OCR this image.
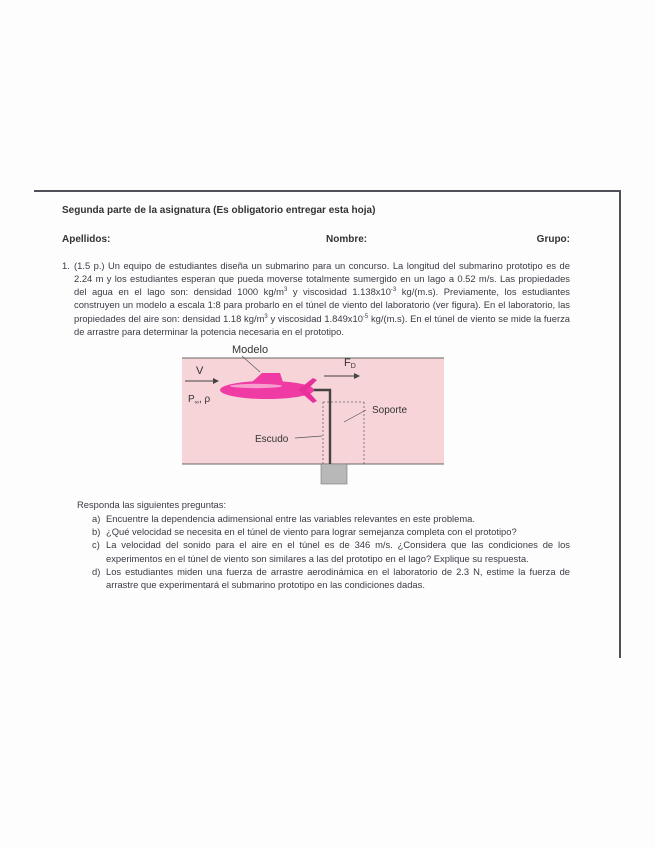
Segunda parte de la asignatura (Es obligatorio entregar esta hoja)
Apellidos:	Nombre:	Grupo:
1. (1.5 p.) Un equipo de estudiantes diseña un submarino para un concurso. La longitud del submarino prototipo es de 2.24 m y los estudiantes esperan que pueda moverse totalmente sumergido en un lago a 0.52 m/s. Las propiedades del agua en el lago son: densidad 1000 $kg/m^3$ y viscosidad $1.138x10^{-3}$ kg/(m.s). Previamente, los estudiantes construyen un modelo a escala 1:8 para probarlo en el túnel de viento del laboratorio (ver figura). En el laboratorio, las propiedades del aire son: densidad 1.18 $kg/m^3$ y viscosidad $1.849x10^{-5}$ kg/(m.s). En el túnel de viento se mide la fuerza de arrastre para determinar la potencia necesaria en el prototipo.
Modelo
FD
V
$P_\infty$, ρ
Soporte
Escudo
Responda las siguientes preguntas:
a) Encuentre la dependencia adimensional entre las variables relevantes en este problema.
b) ¿Qué velocidad se necesita en el túnel de viento para lograr semejanza completa con el prototipo?
c) La velocidad del sonido para el aire en el túnel es de 346 m/s. ¿Considera que las condiciones de los experimentos en el túnel de viento son similares a las del prototipo en el lago? Explique su respuesta.
d) Los estudiantes miden una fuerza de arrastre aerodinámica en el laboratorio de 2.3 N, estime la fuerza de arrastre que experimentará el submarino prototipo en las condiciones dadas.
